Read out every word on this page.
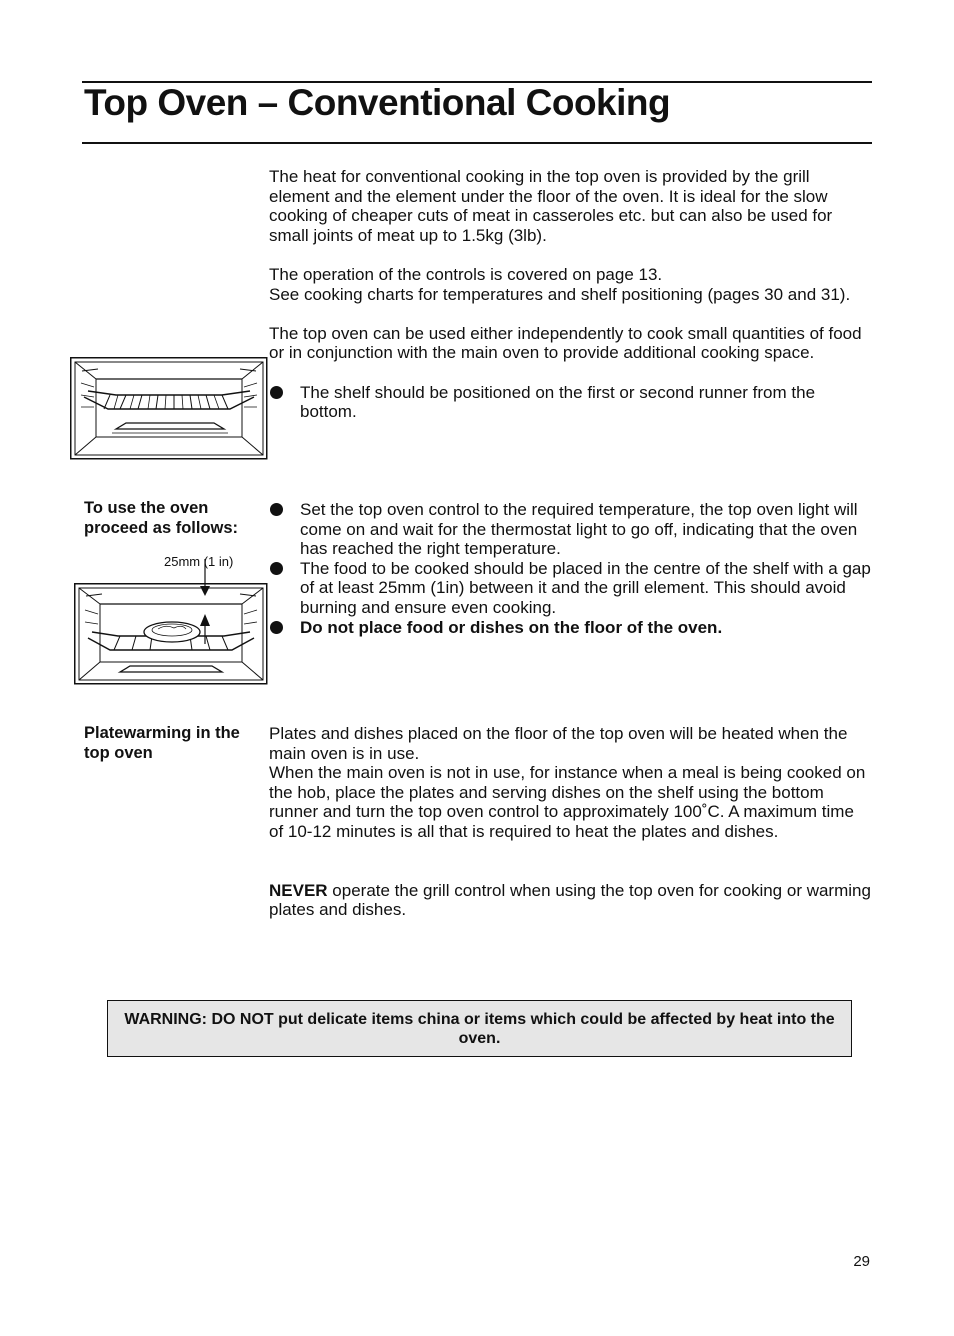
Top Oven – Conventional Cooking

The heat for conventional cooking in the top oven is provided by the grill element and the element under the floor of the oven. It is ideal for the slow cooking of cheaper cuts of meat in casseroles etc. but can also be used for small joints of meat up to 1.5kg (3lb).

The operation of the controls is covered on page 13.

See cooking charts for temperatures and shelf positioning (pages 30 and 31).

The top oven can be used either independently to cook small quantities of food or in conjunction with the main oven to provide additional cooking space.

The shelf should be positioned on the first or second runner from the bottom.
To use the oven proceed as follows:
25mm (1 in)
Set the top oven control to the required temperature, the top oven light will come on and wait for the thermostat light to go off, indicating that the oven has reached the right temperature.
The food to be cooked should be placed in the centre of the shelf with a gap of at least 25mm (1in) between it and the grill element. This should avoid burning and ensure even cooking.
Do not place food or dishes on the floor of the oven.
Platewarming in the top oven

Plates and dishes placed on the floor of the top oven will be heated when the main oven is in use.

When the main oven is not in use, for instance when a meal is being cooked on the hob, place the plates and serving dishes on the shelf using the bottom runner and turn the top oven control to approximately 100˚C. A maximum time of 10-12 minutes is all that is required to heat the plates and dishes.

NEVER operate the grill control when using the top oven for cooking or warming plates and dishes.

WARNING: DO NOT put delicate items china or items which could be affected by heat into the oven.
29
